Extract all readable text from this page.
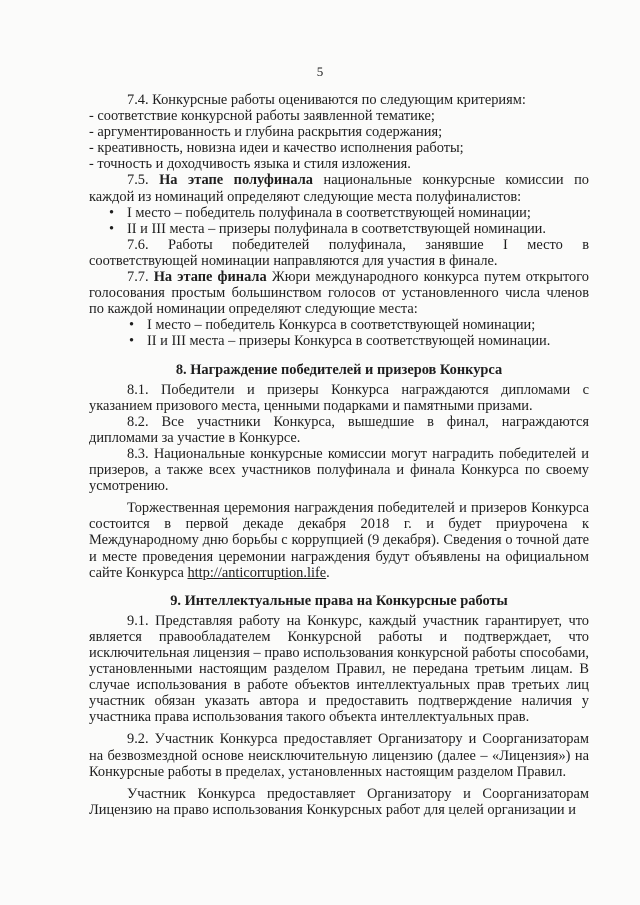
5

7.4. Конкурсные работы оцениваются по следующим критериям:

- соответствие конкурсной работы заявленной тематике;

- аргументированность и глубина раскрытия содержания;

- креативность, новизна идеи и качество исполнения работы;

- точность и доходчивость языка и стиля изложения.

7.5. На этапе полуфинала национальные конкурсные комиссии по

каждой из номинаций определяют следующие места полуфиналистов:

• I место – победитель полуфинала в соответствующей номинации;

• II и III места – призеры полуфинала в соответствующей номинации.

7.6. Работы победителей полуфинала, занявшие I место в

соответствующей номинации направляются для участия в финале.

7.7. На этапе финала Жюри международного конкурса путем открытого

голосования простым большинством голосов от установленного числа членов

по каждой номинации определяют следующие места:

• I место – победитель Конкурса в соответствующей номинации;

• II и III места – призеры Конкурса в соответствующей номинации.

8. Награждение победителей и призеров Конкурса

8.1. Победители и призеры Конкурса награждаются дипломами с указанием призового места, ценными подарками и памятными призами.

8.2. Все участники Конкурса, вышедшие в финал, награждаются дипломами за участие в Конкурсе.

8.3. Национальные конкурсные комиссии могут наградить победителей и призеров, а также всех участников полуфинала и финала Конкурса по своему усмотрению.

Торжественная церемония награждения победителей и призеров Конкурса состоится в первой декаде декабря 2018 г. и будет приурочена к Международному дню борьбы с коррупцией (9 декабря). Сведения о точной дате и месте проведения церемонии награждения будут объявлены на официальном сайте Конкурса http://anticorruption.life.

9. Интеллектуальные права на Конкурсные работы

9.1. Представляя работу на Конкурс, каждый участник гарантирует, что является правообладателем Конкурсной работы и подтверждает, что исключительная лицензия – право использования конкурсной работы способами, установленными настоящим разделом Правил, не передана третьим лицам. В случае использования в работе объектов интеллектуальных прав третьих лиц участник обязан указать автора и предоставить подтверждение наличия у участника права использования такого объекта интеллектуальных прав.

9.2. Участник Конкурса предоставляет Организатору и Соорганизаторам на безвозмездной основе неисключительную лицензию (далее – «Лицензия») на Конкурсные работы в пределах, установленных настоящим разделом Правил.

Участник Конкурса предоставляет Организатору и Соорганизаторам Лицензию на право использования Конкурсных работ для целей организации и
